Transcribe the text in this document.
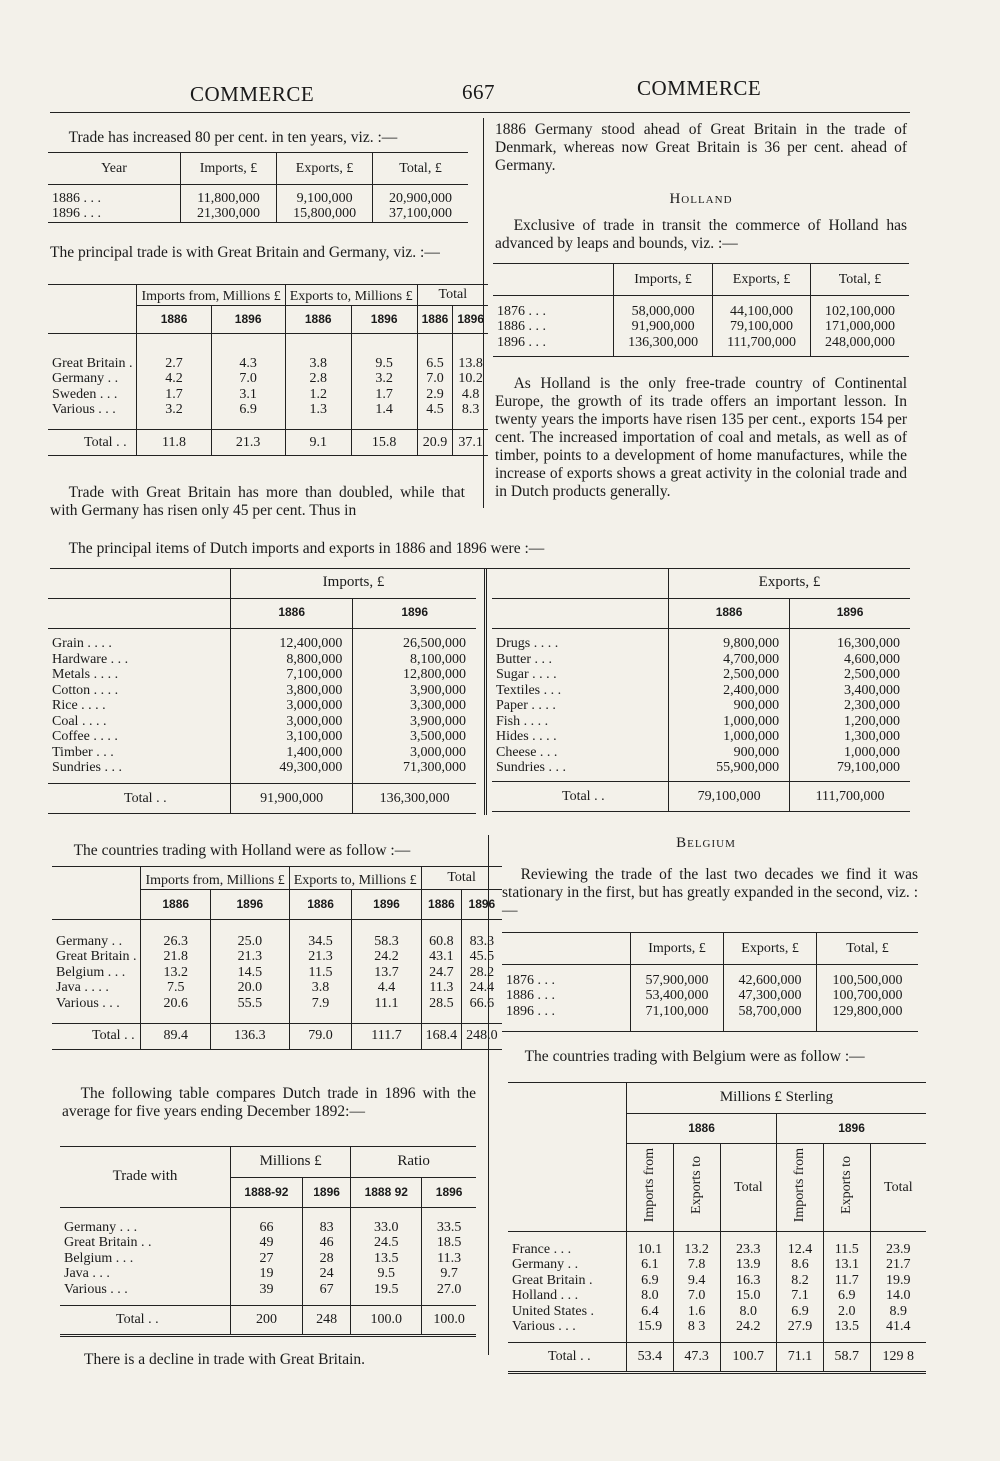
COMMERCE	667	COMMERCE
Trade has increased 80 per cent. in ten years, viz. :—
Year	Imports, £	Exports, £	Total, £

1886 . . .	11,800,000	9,100,000	20,900,000
1896 . . .	21,300,000	15,800,000	37,100,000
The principal trade is with Great Britain and Germany, viz. :—
	Imports from, Millions £		Exports to, Millions £		Total	
	1886	1896	1886	1896	1886	1896

Great Britain .	2.7	4.3	3.8	9.5	6.5	13.8
Germany . .	4.2	7.0	2.8	3.2	7.0	10.2
Sweden . . .	1.7	3.1	1.2	1.7	2.9	4.8
Various . . .	3.2	6.9	1.3	1.4	4.5	8.3

Total . .	11.8	21.3	9.1	15.8	20.9	37.1
Trade with Great Britain has more than doubled, while that with Germany has risen only 45 per cent. Thus in
1886 Germany stood ahead of Great Britain in the trade of Denmark, whereas now Great Britain is 36 per cent. ahead of Germany.
Holland
Exclusive of trade in transit the commerce of Holland has advanced by leaps and bounds, viz. :—
	Imports, £	Exports, £	Total, £

1876 . . .	58,000,000	44,100,000	102,100,000
1886 . . .	91,900,000	79,100,000	171,000,000
1896 . . .	136,300,000	111,700,000	248,000,000

As Holland is the only free-trade country of Continental Europe, the growth of its trade offers an important lesson. In twenty years the imports have risen 135 per cent., exports 154 per cent. The increased importation of coal and metals, as well as of timber, points to a development of home manufactures, while the increase of exports shows a great activity in the colonial trade and in Dutch products generally.
The principal items of Dutch imports and exports in 1886 and 1896 were :—
	Imports, £	
	1886	1896

Grain . . . .	12,400,000	26,500,000
Hardware . . .	8,800,000	8,100,000
Metals . . . .	7,100,000	12,800,000
Cotton . . . .	3,800,000	3,900,000
Rice . . . .	3,000,000	3,300,000
Coal . . . .	3,000,000	3,900,000
Coffee . . . .	3,100,000	3,500,000
Timber . . .	1,400,000	3,000,000
Sundries . . .	49,300,000	71,300,000

Total . .	91,900,000	136,300,000
	Exports, £	
	1886	1896

Drugs . . . .	9,800,000	16,300,000
Butter . . .	4,700,000	4,600,000
Sugar . . . .	2,500,000	2,500,000
Textiles . . .	2,400,000	3,400,000
Paper . . . .	900,000	2,300,000
Fish . . . .	1,000,000	1,200,000
Hides . . . .	1,000,000	1,300,000
Cheese . . .	900,000	1,000,000
Sundries . . .	55,900,000	79,100,000

Total . .	79,100,000	111,700,000
The countries trading with Holland were as follow :—
	Imports from, Millions £		Exports to, Millions £		Total	
	1886	1896	1886	1896	1886	1896

Germany . .	26.3	25.0	34.5	58.3	60.8	83.3
Great Britain .	21.8	21.3	21.3	24.2	43.1	45.5
Belgium . . .	13.2	14.5	11.5	13.7	24.7	28.2
Java . . . .	7.5	20.0	3.8	4.4	11.3	24.4
Various . . .	20.6	55.5	7.9	11.1	28.5	66.6

Total . .	89.4	136.3	79.0	111.7	168.4	248.0
The following table compares Dutch trade in 1896 with the average for five years ending December 1892:—
Trade with	Millions £		Ratio	
	1888-92	1896	1888 92	1896

Germany . . .	66	83	33.0	33.5
Great Britain . .	49	46	24.5	18.5
Belgium . . .	27	28	13.5	11.3
Java . . .	19	24	9.5	9.7
Various . . .	39	67	19.5	27.0

Total . .	200	248	100.0	100.0
There is a decline in trade with Great Britain.
Belgium
Reviewing the trade of the last two decades we find it was stationary in the first, but has greatly expanded in the second, viz. :—
	Imports, £	Exports, £	Total, £

1876 . . .	57,900,000	42,600,000	100,500,000
1886 . . .	53,400,000	47,300,000	100,700,000
1896 . . .	71,100,000	58,700,000	129,800,000

The countries trading with Belgium were as follow :—
	Millions £ Sterling					
	1886			1896		
	Imports from	Exports to	Total	Imports from	Exports to	Total

France . . .	10.1	13.2	23.3	12.4	11.5	23.9
Germany . .	6.1	7.8	13.9	8.6	13.1	21.7
Great Britain .	6.9	9.4	16.3	8.2	11.7	19.9
Holland . . .	8.0	7.0	15.0	7.1	6.9	14.0
United States .	6.4	1.6	8.0	6.9	2.0	8.9
Various . . .	15.9	8 3	24.2	27.9	13.5	41.4

Total . .	53.4	47.3	100.7	71.1	58.7	129 8
